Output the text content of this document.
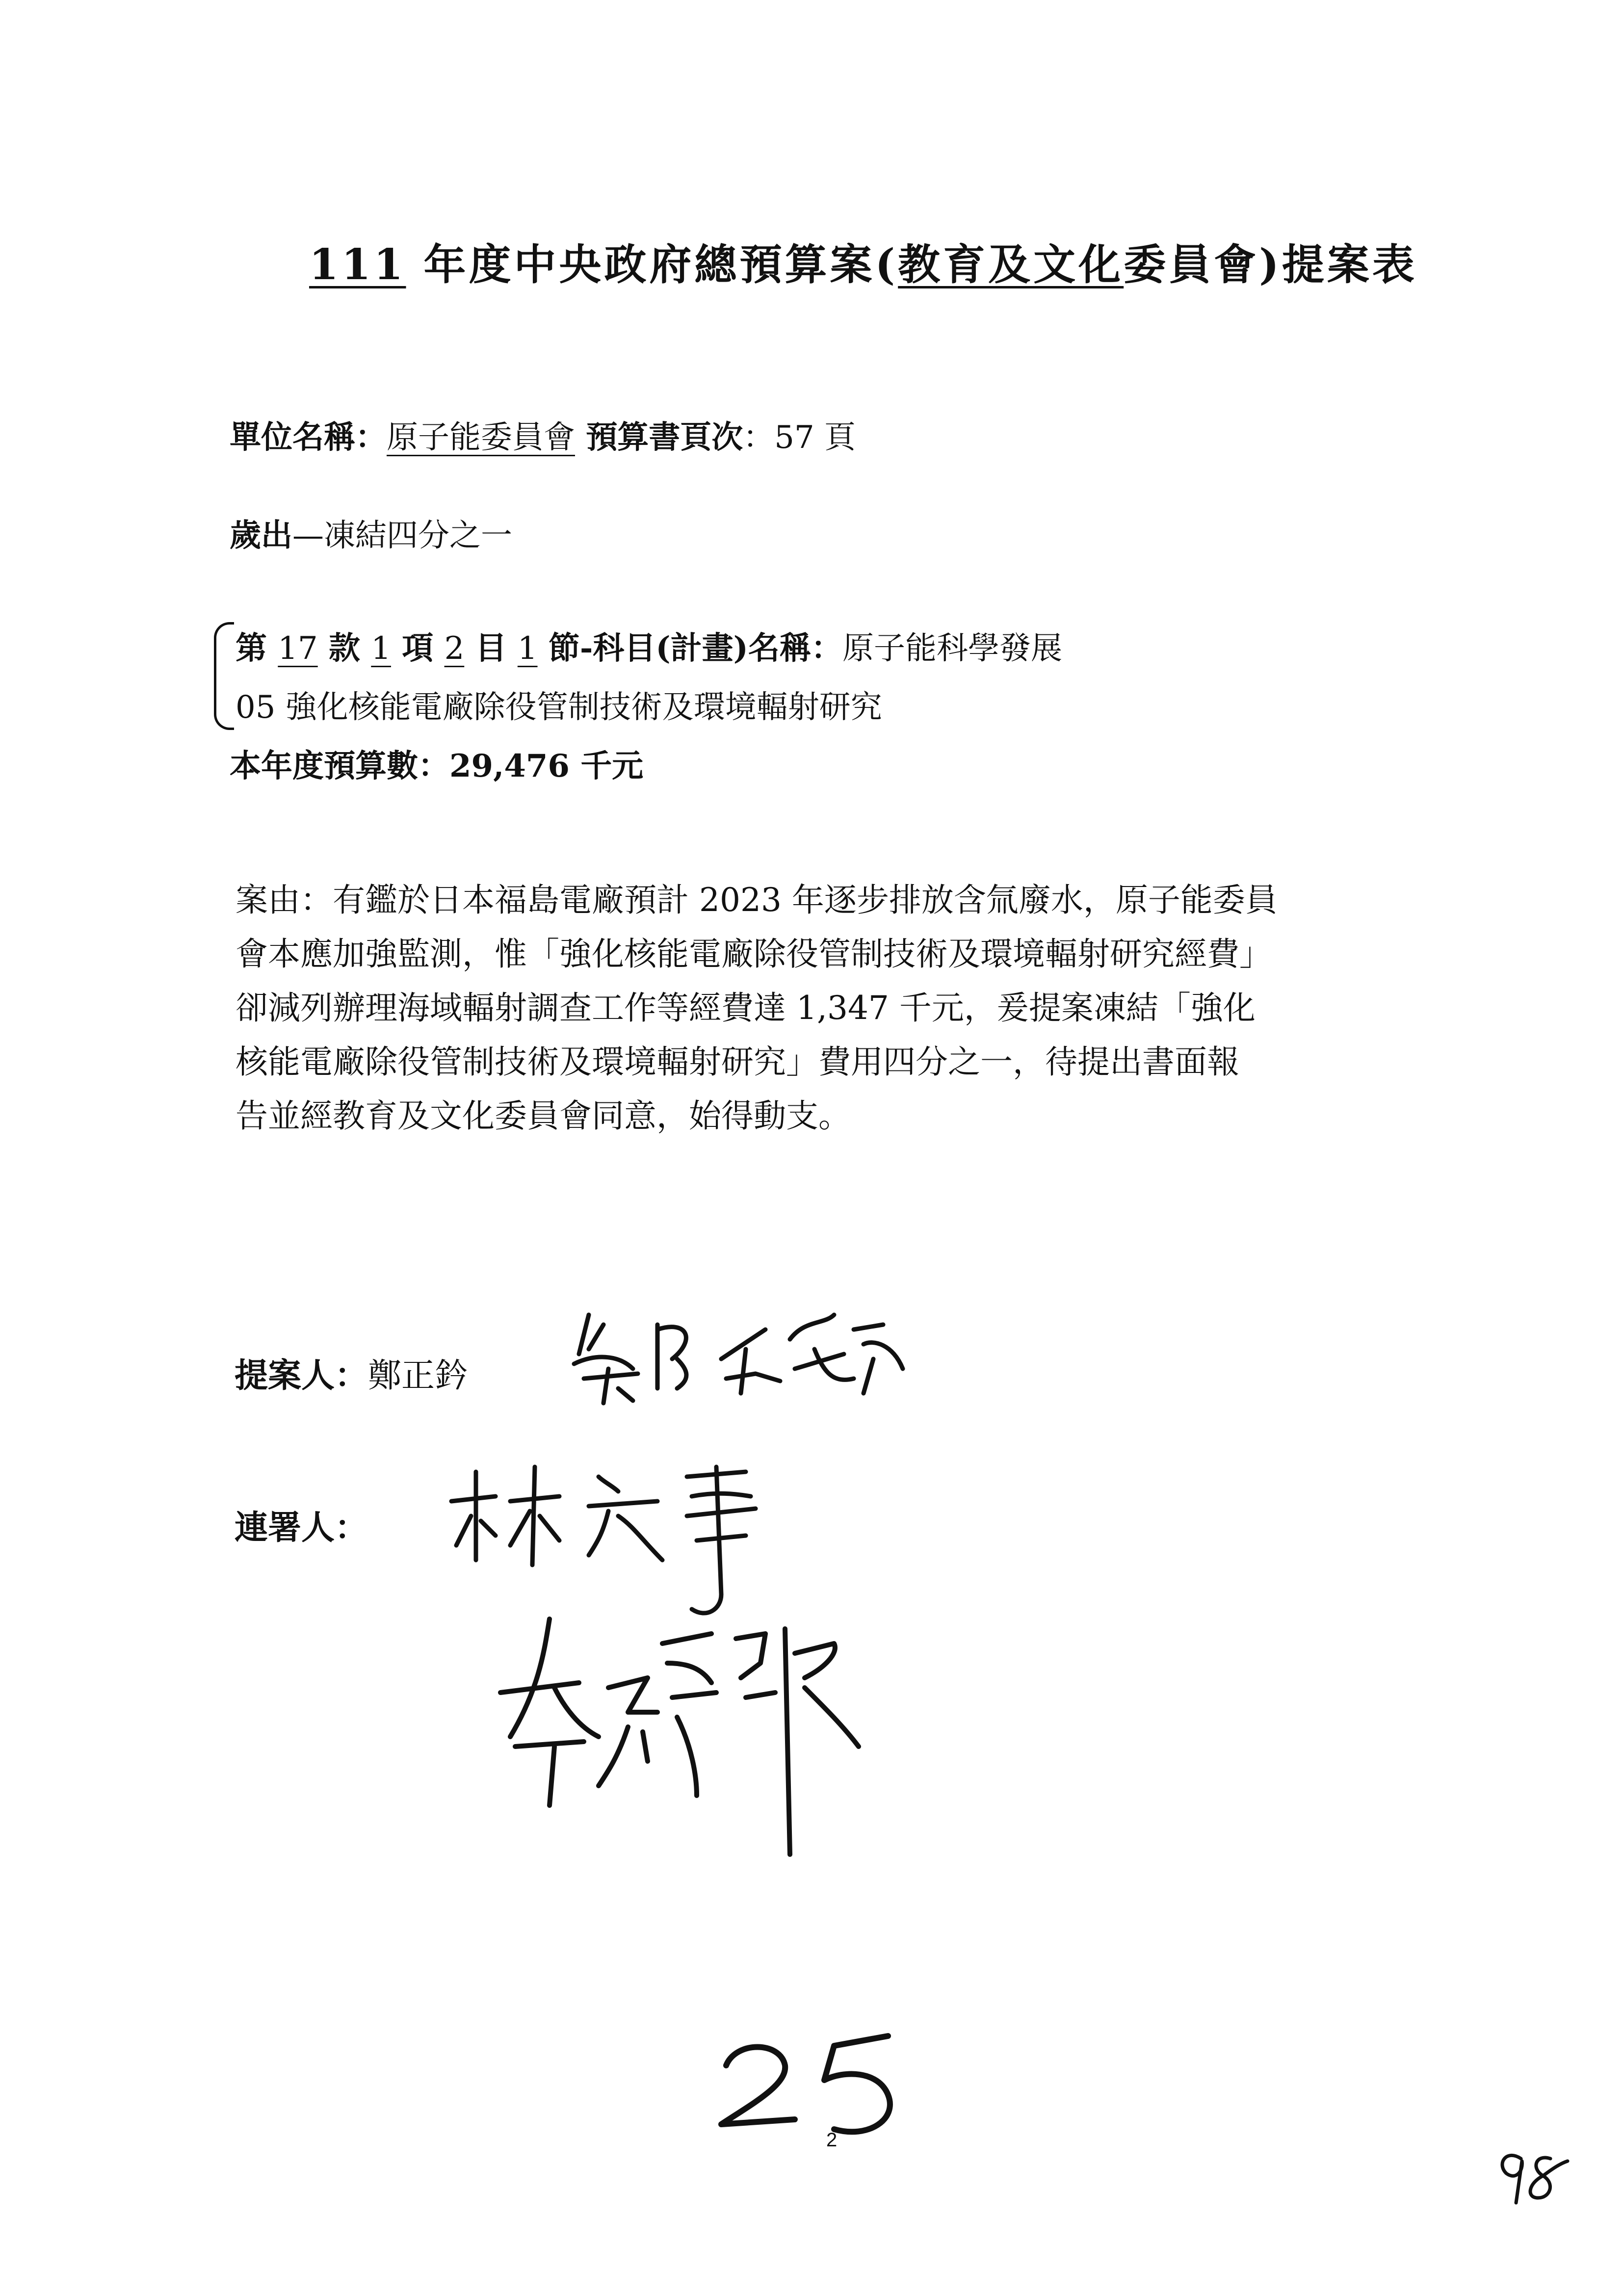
111 年度中央政府總預算案(教育及文化委員會)提案表
單位名稱：原子能委員會 預算書頁次：57 頁
歲出—凍結四分之一
第 17 款 1 項 2 目 1 節-科目(計畫)名稱：原子能科學發展
05 強化核能電廠除役管制技術及環境輻射研究
本年度預算數：29,476 千元
案由：有鑑於日本福島電廠預計 2023 年逐步排放含氚廢水，原子能委員
會本應加強監測，惟「強化核能電廠除役管制技術及環境輻射研究經費」
卻減列辦理海域輻射調查工作等經費達 1,347 千元，爰提案凍結「強化
核能電廠除役管制技術及環境輻射研究」費用四分之一，待提出書面報
告並經教育及文化委員會同意，始得動支。
提案人：鄭正鈐
連署人：
2
